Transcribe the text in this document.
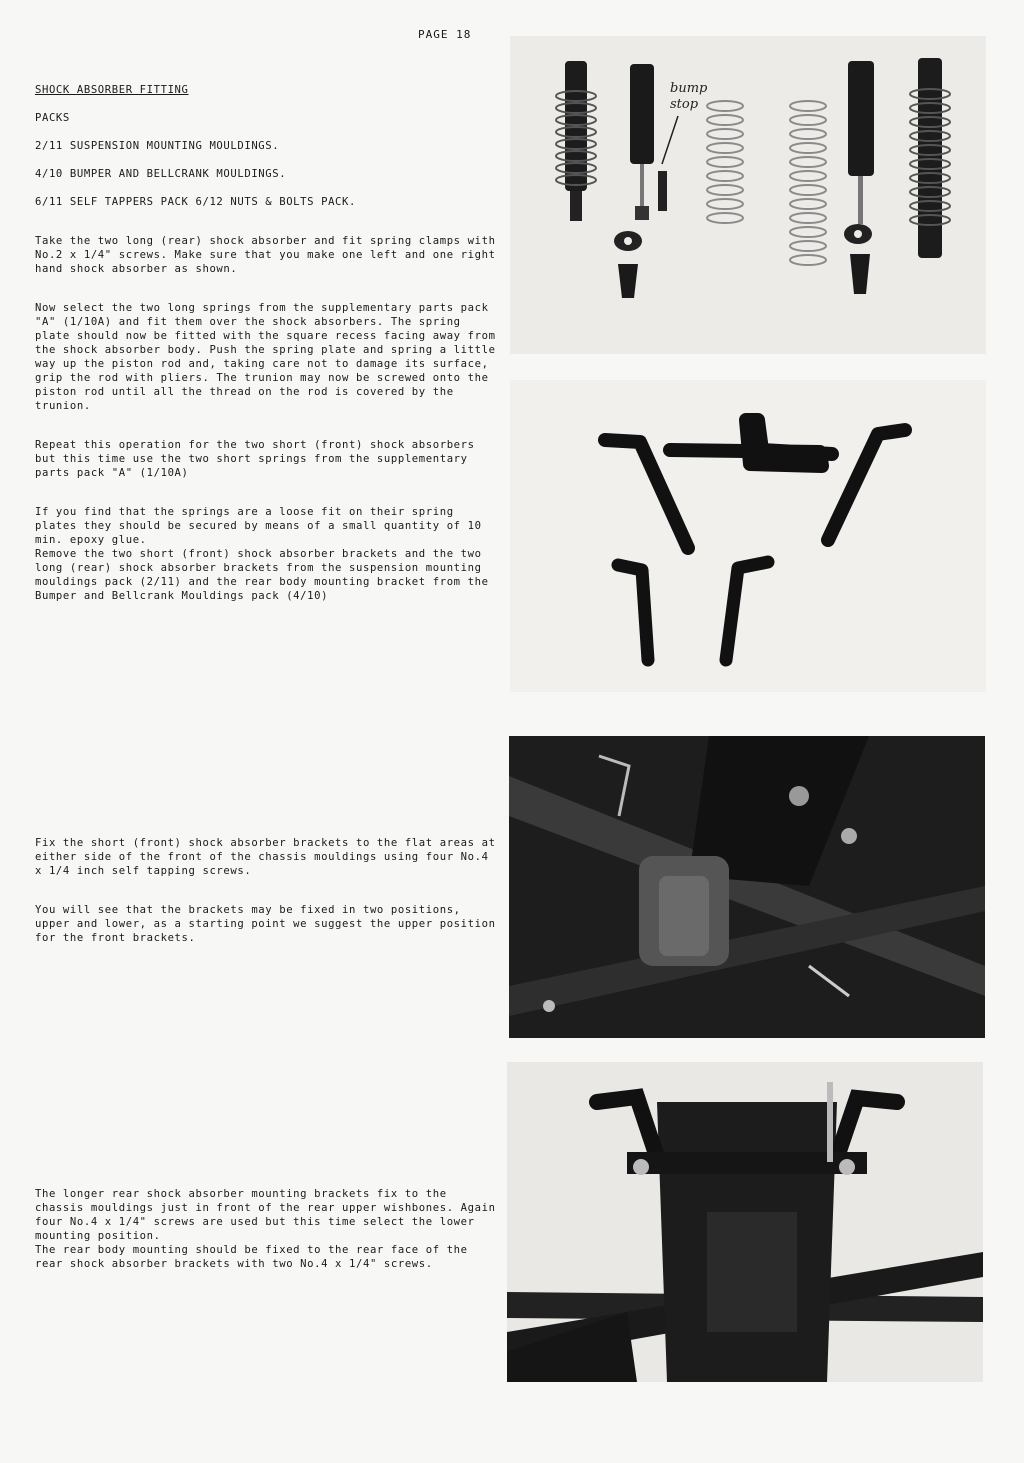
PAGE 18

SHOCK ABSORBER FITTING

PACKS

2/11 SUSPENSION MOUNTING MOULDINGS.

4/10 BUMPER AND BELLCRANK MOULDINGS.

6/11 SELF TAPPERS PACK 6/12 NUTS & BOLTS PACK.

Take the two long (rear) shock absorber and fit spring clamps with No.2 x 1/4" screws. Make sure that you make one left and one right hand shock absorber as shown.

Now select the two long springs from the supplementary parts pack "A" (1/10A) and fit them over the shock absorbers. The spring plate should now be fitted with the square recess facing away from the shock absorber body. Push the spring plate and spring a little way up the piston rod and, taking care not to damage its surface, grip the rod with pliers. The trunion may now be screwed onto the piston rod until all the thread on the rod is covered by the trunion.

Repeat this operation for the two short (front) shock absorbers but this time use the two short springs from the supplementary parts pack "A" (1/10A)

If you find that the springs are a loose fit on their spring plates they should be secured by means of a small quantity of 10 min. epoxy glue.

Remove the two short (front) shock absorber brackets and the two long (rear) shock absorber brackets from the suspension mounting mouldings pack (2/11) and the rear body mounting bracket from the Bumper and Bellcrank Mouldings pack (4/10)

Fix the short (front) shock absorber brackets to the flat areas at either side of the front of the chassis mouldings using four No.4 x 1/4 inch self tapping screws.

You will see that the brackets may be fixed in two positions, upper and lower, as a starting point we suggest the upper position for the front brackets.

The longer rear shock absorber mounting brackets fix to the chassis mouldings just in front of the rear upper wishbones. Again four No.4 x 1/4" screws are used but this time select the lower mounting position.
The rear body mounting should be fixed to the rear face of the rear shock absorber brackets with two No.4 x 1/4" screws.

bump
stop
